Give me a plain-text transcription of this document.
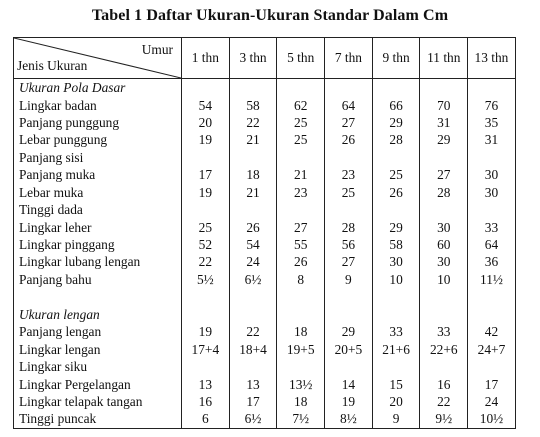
Tabel 1 Daftar Ukuran-Ukuran Standar Dalam Cm
Umur
Jenis Ukuran	1 thn	3 thn	5 thn	7 thn	9 thn	11 thn	13 thn
Ukuran Pola Dasar							
Lingkar badan	54	58	62	64	66	70	76
Panjang punggung	20	22	25	27	29	31	35
Lebar punggung	19	21	25	26	28	29	31
Panjang sisi							
Panjang muka	17	18	21	23	25	27	30
Lebar muka	19	21	23	25	26	28	30
Tinggi dada							
Lingkar leher	25	26	27	28	29	30	33
Lingkar pinggang	52	54	55	56	58	60	64
Lingkar lubang lengan	22	24	26	27	30	30	36
Panjang bahu	5½	6½	8	9	10	10	11½

Ukuran lengan							
Panjang lengan	19	22	18	29	33	33	42
Lingkar lengan	17+4	18+4	19+5	20+5	21+6	22+6	24+7
Lingkar siku							
Lingkar Pergelangan	13	13	13½	14	15	16	17
Lingkar telapak tangan	16	17	18	19	20	22	24
Tinggi puncak	6	6½	7½	8½	9	9½	10½
